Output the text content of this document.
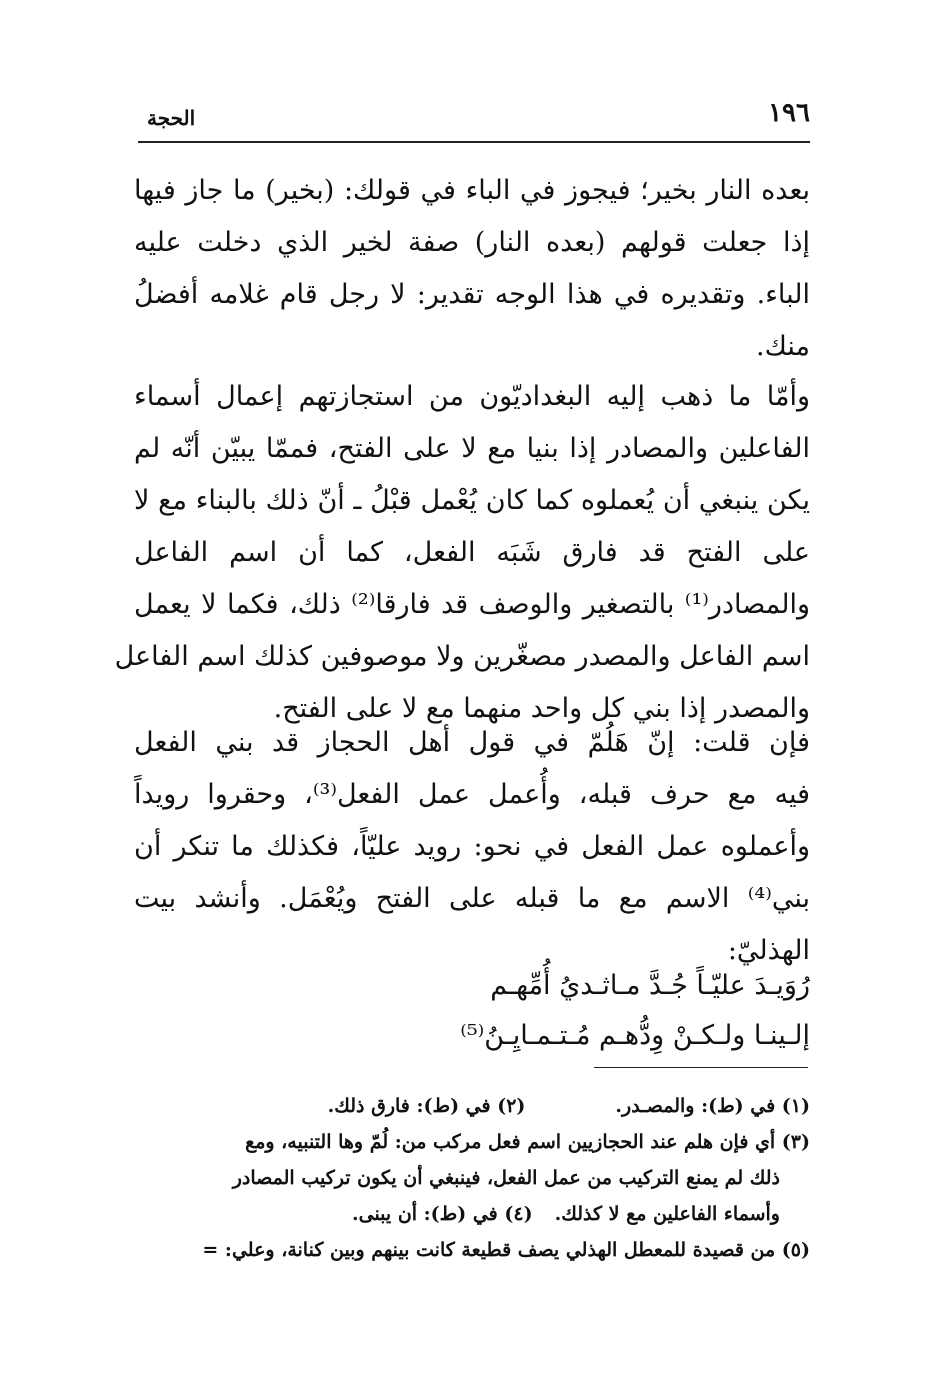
١٩٦
الحجة
بعده النار بخير؛ فيجوز في الباء في قولك: (بخير) ما جاز فيها
إذا جعلت قولهم (بعده النار) صفة لخير الذي دخلت عليه
الباء. وتقديره في هذا الوجه تقدير: لا رجل قام غلامه أفضلُ
منك.
وأمّا ما ذهب إليه البغداديّون من استجازتهم إعمال أسماء
الفاعلين والمصادر إذا بنيا مع لا على الفتح، فممّا يبيّن أنّه لم
يكن ينبغي أن يُعملوه كما كان يُعْمل قبْلُ ـ أنّ ذلك بالبناء مع لا
على الفتح قد فارق شَبَه الفعل، كما أن اسم الفاعل
والمصادر⁽¹⁾ بالتصغير والوصف قد فارقا⁽²⁾ ذلك، فكما لا يعمل
اسم الفاعل والمصدر مصغّرين ولا موصوفين كذلك اسم الفاعل
والمصدر إذا بني كل واحد منهما مع لا على الفتح.
فإن قلت: إنّ هَلُمّ في قول أهل الحجاز قد بني الفعل
فيه مع حرف قبله، وأُعمل عمل الفعل⁽³⁾، وحقروا رويداً
وأعملوه عمل الفعل في نحو: رويد عليّاً، فكذلك ما تنكر أن
بني⁽⁴⁾ الاسم مع ما قبله على الفتح ويُعْمَل. وأنشد بيت
الهذليّ:
رُوَيـدَ عليّـاً جُـدَّ مـاثـديُ أُمِّهـم
إلـينـا ولـكـنْ وِدُّهـم مُـتـمـايِـنُ⁽⁵⁾
(١) في (ط): والمصـدر.(٢) في (ط): فارق ذلك.
(٣) أي فإن هلم عند الحجازيين اسم فعل مركب من: لُمّ وها التنبيه، ومع
ذلك لم يمنع التركيب من عمل الفعل، فينبغي أن يكون تركيب المصادر
وأسماء الفاعلين مع لا كذلك.(٤) في (ط): أن يبنى.
(٥) من قصيدة للمعطل الهذلي يصف قطيعة كانت بينهم وبين كنانة، وعلي: =
